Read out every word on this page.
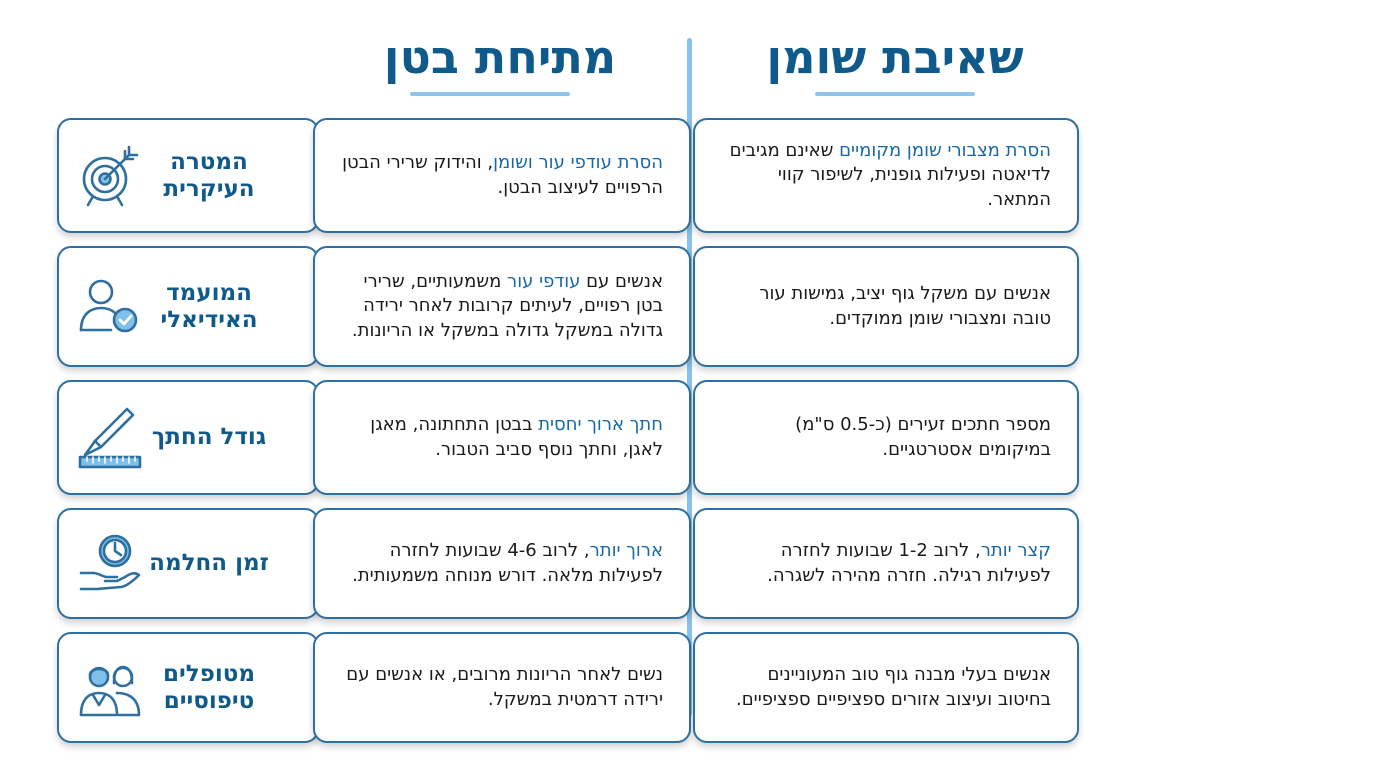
שאיבת שומן
מתיחת בטן
המטרה
העיקרית

הסרת עודפי עור ושומן, והידוק שרירי הבטן הרפויים לעיצוב הבטן.

הסרת מצבורי שומן מקומיים שאינם מגיבים לדיאטה ופעילות גופנית, לשיפור קווי המתאר.

המועמד
האידיאלי

אנשים עם עודפי עור משמעותיים, שרירי בטן רפויים, לעיתים קרובות לאחר ירידה גדולה במשקל גדולה במשקל או הריונות.

אנשים עם משקל גוף יציב, גמישות עור טובה ומצבורי שומן ממוקדים.

גודל החתך	חתך ארוך יחסית בבטן התחתונה, מאגן לאגן, וחתך נוסף סביב הטבור.

מספר חתכים זעירים (כ-0.5 ס"מ) במיקומים אסטרטגיים.

זמן החלמה	ארוך יותר, לרוב 4-6 שבועות לחזרה לפעילות מלאה. דורש מנוחה משמעותית.

קצר יותר, לרוב 1-2 שבועות לחזרה לפעילות רגילה. חזרה מהירה לשגרה.

מטופלים
טיפוסיים

נשים לאחר הריונות מרובים, או אנשים עם ירידה דרמטית במשקל.

אנשים בעלי מבנה גוף טוב המעוניינים בחיטוב ועיצוב אזורים ספציפיים ספציפיים.
